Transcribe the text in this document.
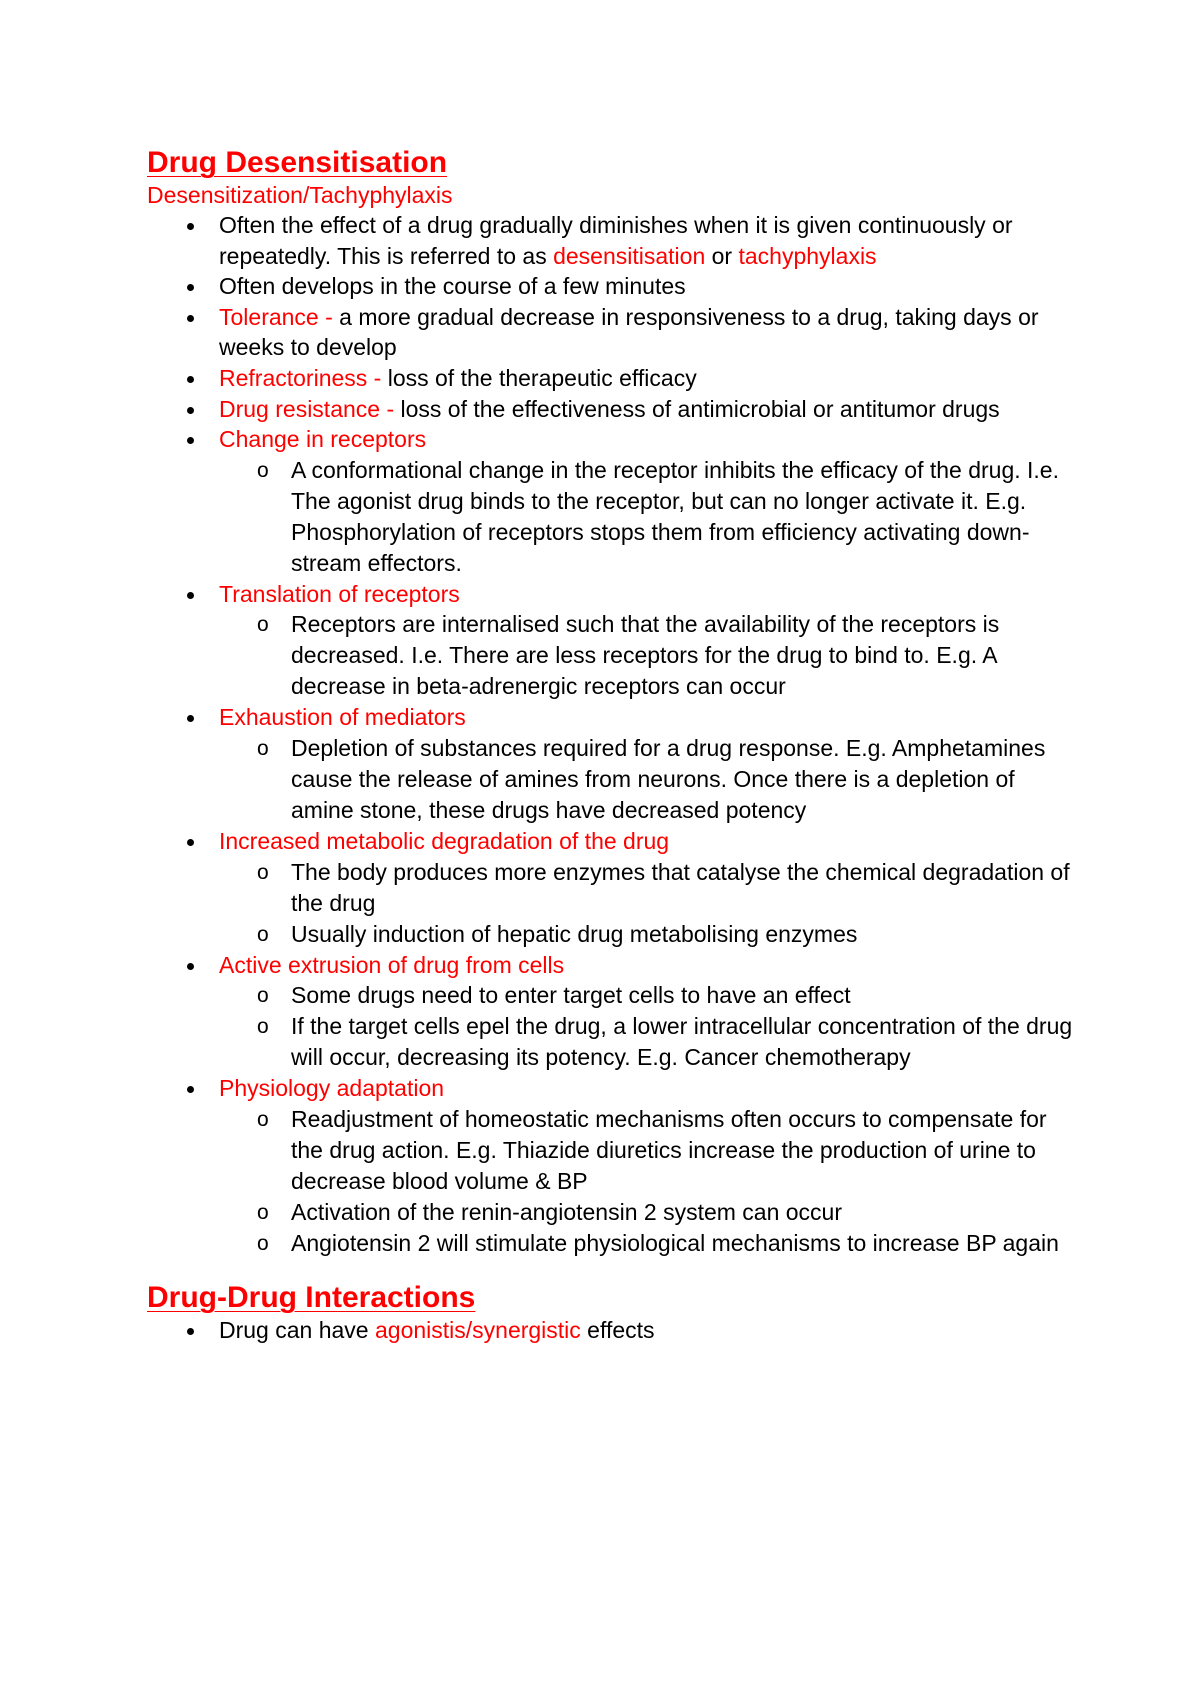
Drug Desensitisation
Desensitization/Tachyphylaxis
Often the effect of a drug gradually diminishes when it is given continuously or repeatedly. This is referred to as desensitisation or tachyphylaxis
Often develops in the course of a few minutes
Tolerance - a more gradual decrease in responsiveness to a drug, taking days or weeks to develop
Refractoriness - loss of the therapeutic efficacy
Drug resistance - loss of the effectiveness of antimicrobial or antitumor drugs
Change in receptors
o A conformational change in the receptor inhibits the efficacy of the drug. I.e. The agonist drug binds to the receptor, but can no longer activate it. E.g. Phosphorylation of receptors stops them from efficiency activating down-stream effectors.
Translation of receptors
o Receptors are internalised such that the availability of the receptors is decreased. I.e. There are less receptors for the drug to bind to. E.g. A decrease in beta-adrenergic receptors can occur
Exhaustion of mediators
o Depletion of substances required for a drug response. E.g. Amphetamines cause the release of amines from neurons. Once there is a depletion of amine stone, these drugs have decreased potency
Increased metabolic degradation of the drug
o The body produces more enzymes that catalyse the chemical degradation of the drug
o Usually induction of hepatic drug metabolising enzymes
Active extrusion of drug from cells
o Some drugs need to enter target cells to have an effect
o If the target cells epel the drug, a lower intracellular concentration of the drug will occur, decreasing its potency. E.g. Cancer chemotherapy
Physiology adaptation
o Readjustment of homeostatic mechanisms often occurs to compensate for the drug action. E.g. Thiazide diuretics increase the production of urine to decrease blood volume & BP
o Activation of the renin-angiotensin 2 system can occur
o Angiotensin 2 will stimulate physiological mechanisms to increase BP again
Drug-Drug Interactions
Drug can have agonistis/synergistic effects
